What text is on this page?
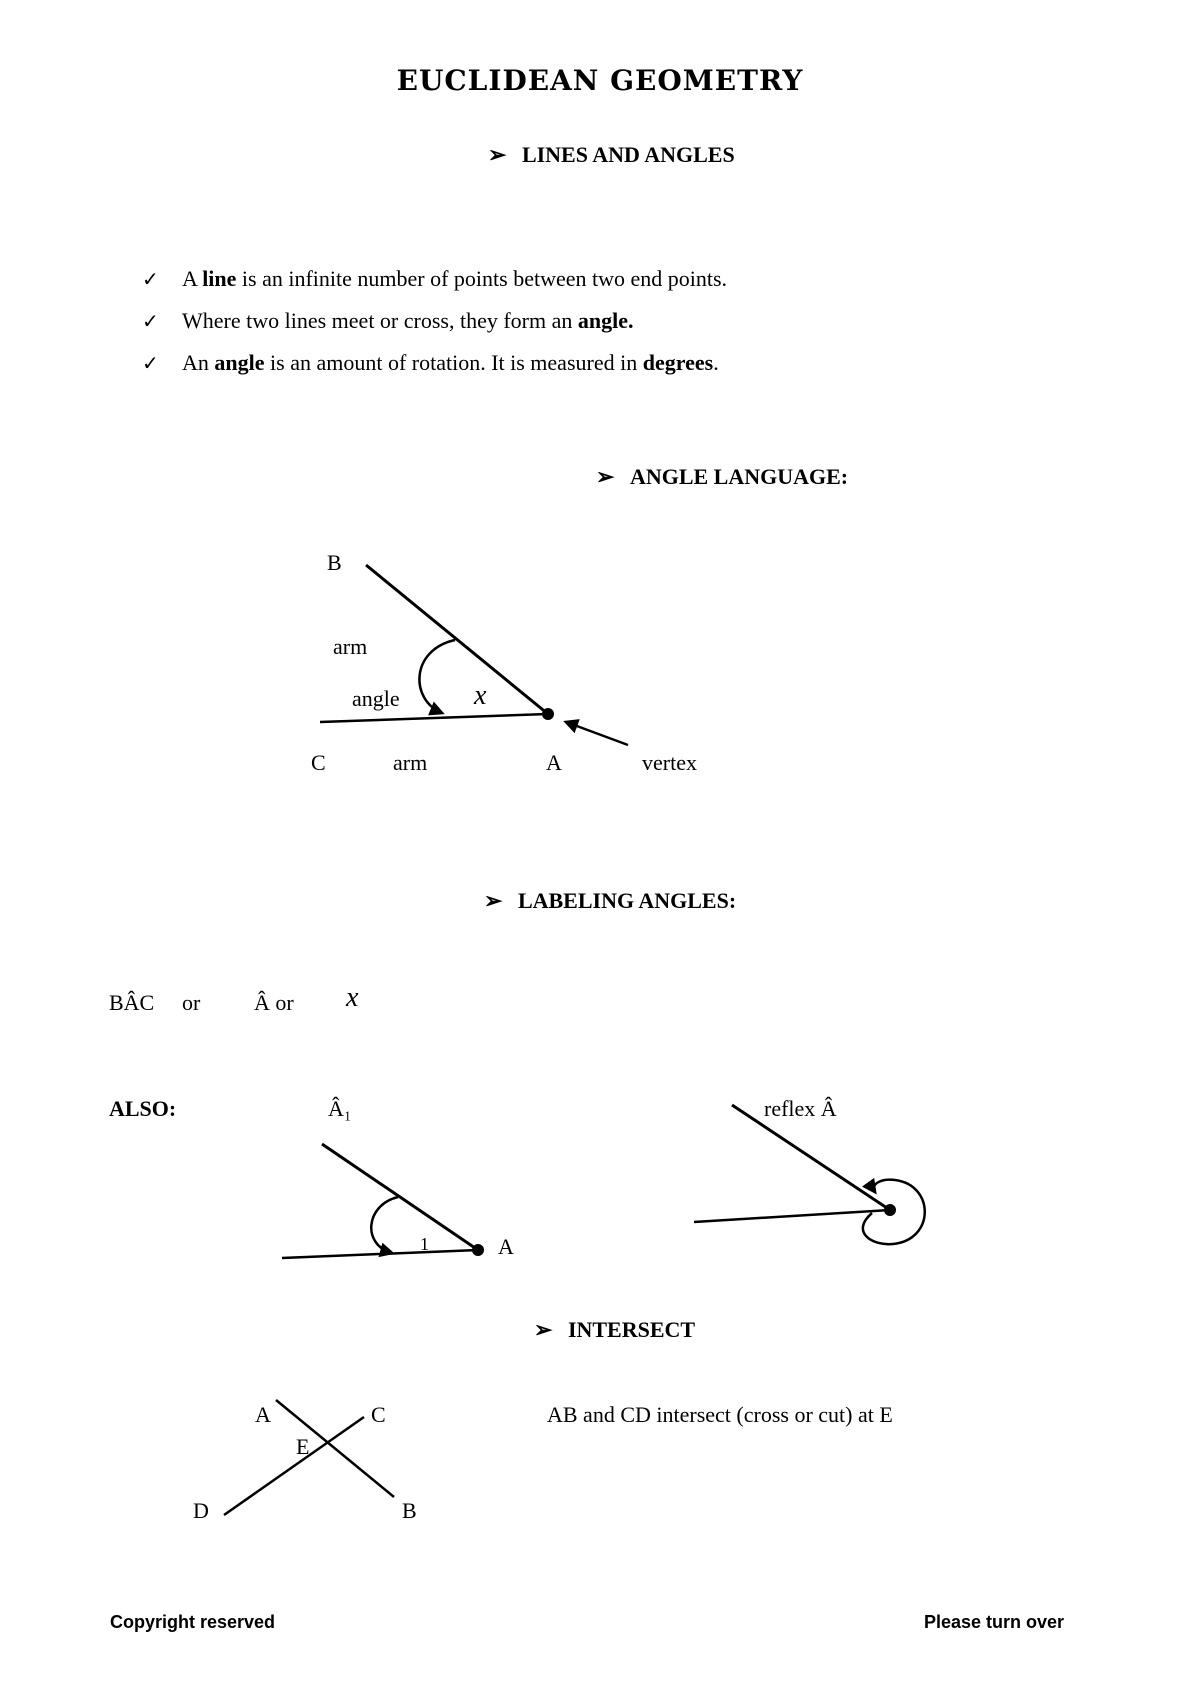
EUCLIDEAN GEOMETRY
➢ LINES AND ANGLES
✓ A line is an infinite number of points between two end points.
✓ Where two lines meet or cross, they form an angle.
✓ An angle is an amount of rotation. It is measured in degrees.
➢ ANGLE LANGUAGE:
B
arm
angle	x
C	arm	A	vertex
➢ LABELING ANGLES:
BÂC or Â or x
ALSO:	Â₁
1	A
reflex Â
➢ INTERSECT
A	C
E
D	B
AB and CD intersect (cross or cut) at E
Copyright reserved	Please turn over
